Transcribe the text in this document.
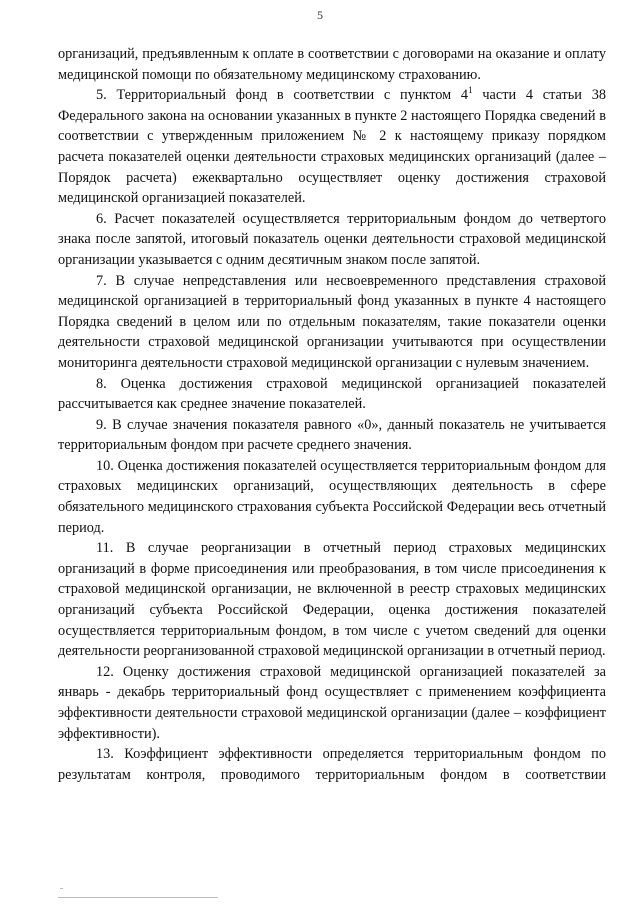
5

организаций, предъявленным к оплате в соответствии с договорами на оказание и оплату медицинской помощи по обязательному медицинскому страхованию.

5. Территориальный фонд в соответствии с пунктом $4^1$ части 4 статьи 38 Федерального закона на основании указанных в пункте 2 настоящего Порядка сведений в соответствии с утвержденным приложением № 2 к настоящему приказу порядком расчета показателей оценки деятельности страховых медицинских организаций (далее – Порядок расчета) ежеквартально осуществляет оценку достижения страховой медицинской организацией показателей.

6. Расчет показателей осуществляется территориальным фондом до четвертого знака после запятой, итоговый показатель оценки деятельности страховой медицинской организации указывается с одним десятичным знаком после запятой.

7. В случае непредставления или несвоевременного представления страховой медицинской организацией в территориальный фонд указанных в пункте 4 настоящего Порядка сведений в целом или по отдельным показателям, такие показатели оценки деятельности страховой медицинской организации учитываются при осуществлении мониторинга деятельности страховой медицинской организации с нулевым значением.

8. Оценка достижения страховой медицинской организацией показателей рассчитывается как среднее значение показателей.

9. В случае значения показателя равного «0», данный показатель не учитывается территориальным фондом при расчете среднего значения.

10. Оценка достижения показателей осуществляется территориальным фондом для страховых медицинских организаций, осуществляющих деятельность в сфере обязательного медицинского страхования субъекта Российской Федерации весь отчетный период.

11. В случае реорганизации в отчетный период страховых медицинских организаций в форме присоединения или преобразования, в том числе присоединения к страховой медицинской организации, не включенной в реестр страховых медицинских организаций субъекта Российской Федерации, оценка достижения показателей осуществляется территориальным фондом, в том числе с учетом сведений для оценки деятельности реорганизованной страховой медицинской организации в отчетный период.

12. Оценку достижения страховой медицинской организацией показателей за январь - декабрь территориальный фонд осуществляет с применением коэффициента эффективности деятельности страховой медицинской организации (далее – коэффициент эффективности).

13. Коэффициент эффективности определяется территориальным фондом по результатам контроля, проводимого территориальным фондом в соответствии
